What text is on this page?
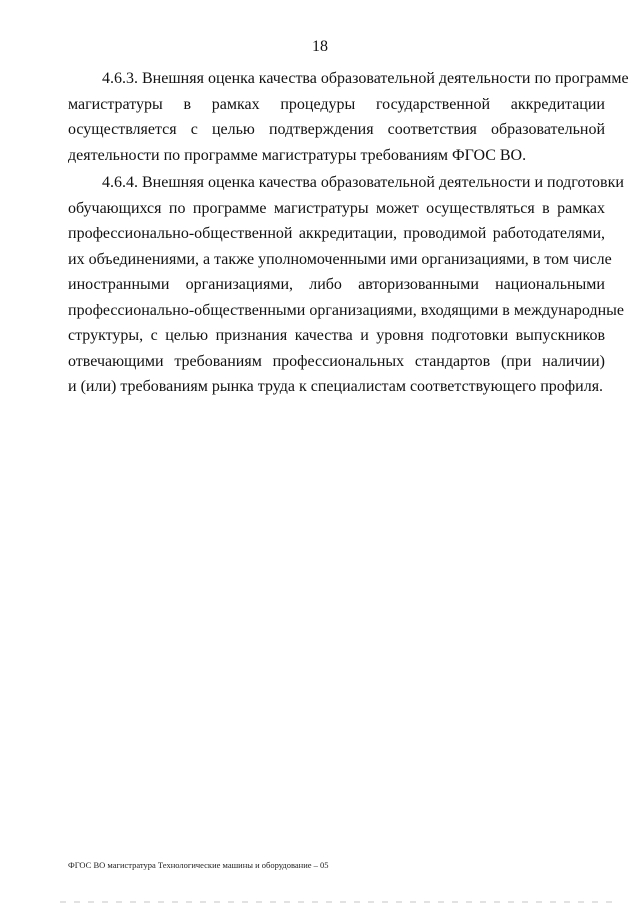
18

4.6.3. Внешняя оценка качества образовательной деятельности по программе
магистратуры в рамках процедуры государственной аккредитации
осуществляется с целью подтверждения соответствия образовательной
деятельности по программе магистратуры требованиям ФГОС ВО.

4.6.4. Внешняя оценка качества образовательной деятельности и подготовки
обучающихся по программе магистратуры может осуществляться в рамках
профессионально-общественной аккредитации, проводимой работодателями,
их объединениями, а также уполномоченными ими организациями, в том числе
иностранными организациями, либо авторизованными национальными
профессионально-общественными организациями, входящими в международные
структуры, с целью признания качества и уровня подготовки выпускников
отвечающими требованиям профессиональных стандартов (при наличии)
и (или) требованиям рынка труда к специалистам соответствующего профиля.

ФГОС ВО магистратура Технологические машины и оборудование – 05
